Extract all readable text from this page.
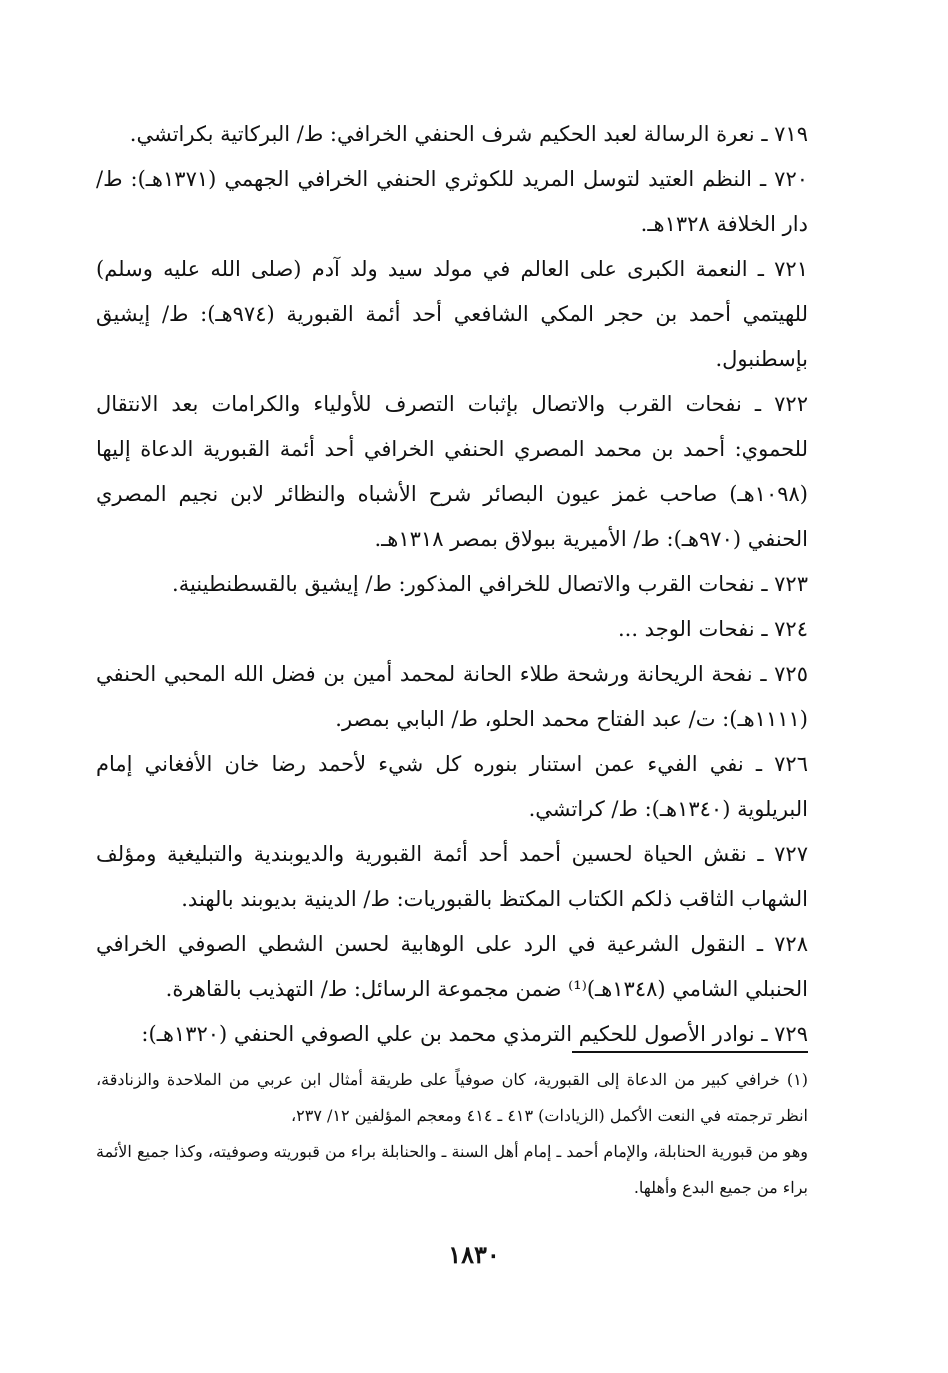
٧١٩ ـ نعرة الرسالة لعبد الحكيم شرف الحنفي الخرافي: ط/ البركاتية بكراتشي.

٧٢٠ ـ النظم العتيد لتوسل المريد للكوثري الحنفي الخرافي الجهمي (١٣٧١هـ): ط/ دار الخلافة ١٣٢٨هـ.

٧٢١ ـ النعمة الكبرى على العالم في مولد سيد ولد آدم (صلى الله عليه وسلم) للهيتمي أحمد بن حجر المكي الشافعي أحد أئمة القبورية (٩٧٤هـ): ط/ إيشيق بإسطنبول.

٧٢٢ ـ نفحات القرب والاتصال بإثبات التصرف للأولياء والكرامات بعد الانتقال للحموي: أحمد بن محمد المصري الحنفي الخرافي أحد أئمة القبورية الدعاة إليها (١٠٩٨هـ) صاحب غمز عيون البصائر شرح الأشباه والنظائر لابن نجيم المصري الحنفي (٩٧٠هـ): ط/ الأميرية ببولاق بمصر ١٣١٨هـ.

٧٢٣ ـ نفحات القرب والاتصال للخرافي المذكور: ط/ إيشيق بالقسطنطينية.

٧٢٤ ـ نفحات الوجد ...

٧٢٥ ـ نفحة الريحانة ورشحة طلاء الحانة لمحمد أمين بن فضل الله المحبي الحنفي (١١١١هـ): ت/ عبد الفتاح محمد الحلو، ط/ البابي بمصر.

٧٢٦ ـ نفي الفيء عمن استنار بنوره كل شيء لأحمد رضا خان الأفغاني إمام البريلوية (١٣٤٠هـ): ط/ كراتشي.

٧٢٧ ـ نقش الحياة لحسين أحمد أحد أئمة القبورية والديوبندية والتبليغية ومؤلف الشهاب الثاقب ذلكم الكتاب المكتظ بالقبوريات: ط/ الدينية بديوبند بالهند.

٧٢٨ ـ النقول الشرعية في الرد على الوهابية لحسن الشطي الصوفي الخرافي الحنبلي الشامي (١٣٤٨هـ)⁽¹⁾ ضمن مجموعة الرسائل: ط/ التهذيب بالقاهرة.

٧٢٩ ـ نوادر الأصول للحكيم الترمذي محمد بن علي الصوفي الحنفي (١٣٢٠هـ):

(١) خرافي كبير من الدعاة إلى القبورية، كان صوفياً على طريقة أمثال ابن عربي من الملاحدة والزنادقة، انظر ترجمته في النعت الأكمل (الزيادات) ٤١٣ ـ ٤١٤ ومعجم المؤلفين ١٢/ ٢٣٧،

وهو من قبورية الحنابلة، والإمام أحمد ـ إمام أهل السنة ـ والحنابلة براء من قبوريته وصوفيته، وكذا جميع الأئمة براء من جميع البدع وأهلها.

١٨٣٠
